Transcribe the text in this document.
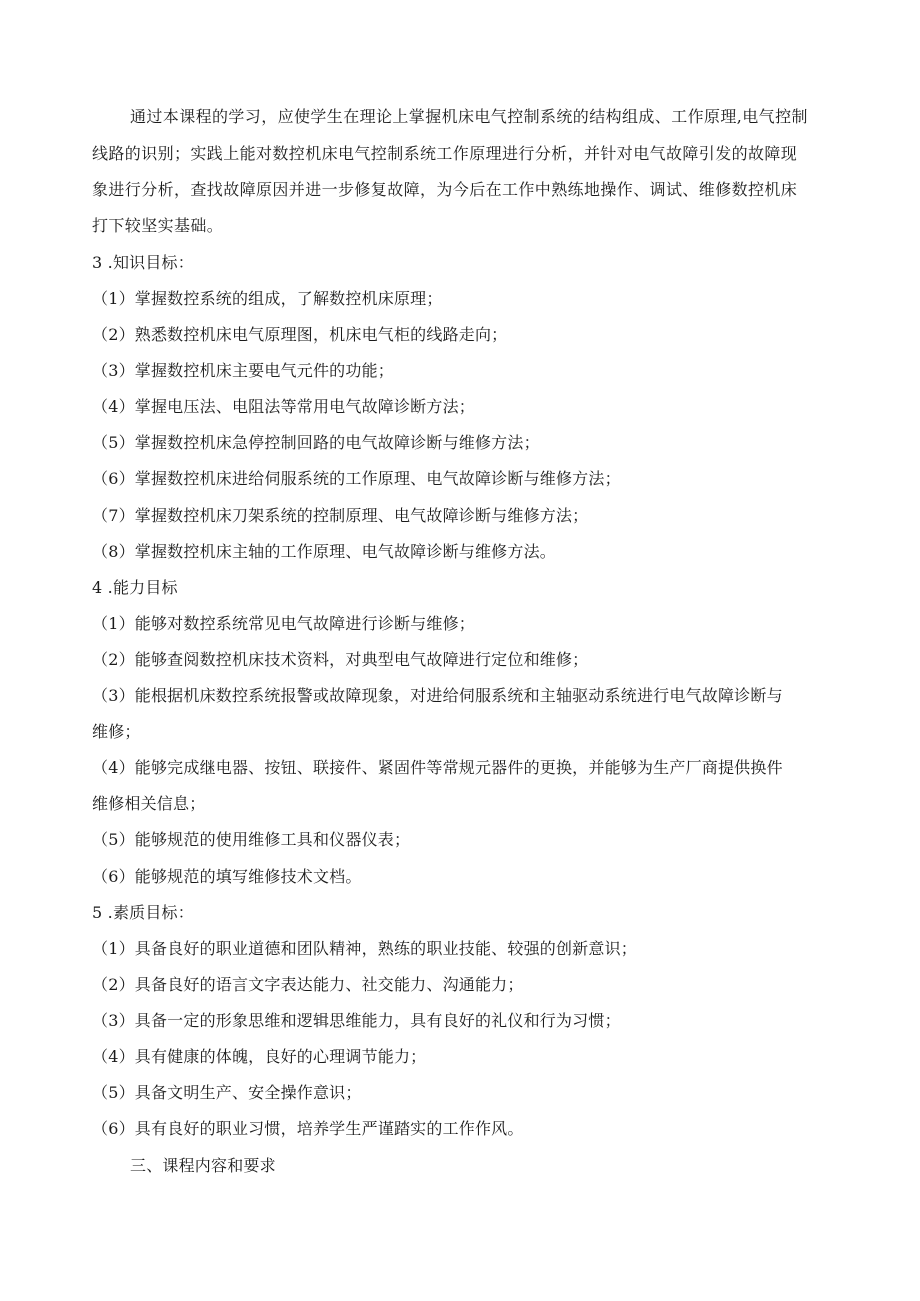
通过本课程的学习，应使学生在理论上掌握机床电气控制系统的结构组成、工作原理,电气控制
线路的识别；实践上能对数控机床电气控制系统工作原理进行分析，并针对电气故障引发的故障现
象进行分析，查找故障原因并进一步修复故障，为今后在工作中熟练地操作、调试、维修数控机床
打下较坚实基础。
3 .知识目标：
（1）掌握数控系统的组成，了解数控机床原理；
（2）熟悉数控机床电气原理图，机床电气柜的线路走向；
（3）掌握数控机床主要电气元件的功能；
（4）掌握电压法、电阻法等常用电气故障诊断方法；
（5）掌握数控机床急停控制回路的电气故障诊断与维修方法；
（6）掌握数控机床进给伺服系统的工作原理、电气故障诊断与维修方法；
（7）掌握数控机床刀架系统的控制原理、电气故障诊断与维修方法；
（8）掌握数控机床主轴的工作原理、电气故障诊断与维修方法。
4 .能力目标
（1）能够对数控系统常见电气故障进行诊断与维修；
（2）能够查阅数控机床技术资料，对典型电气故障进行定位和维修；
（3）能根据机床数控系统报警或故障现象，对进给伺服系统和主轴驱动系统进行电气故障诊断与
维修；
（4）能够完成继电器、按钮、联接件、紧固件等常规元器件的更换，并能够为生产厂商提供换件
维修相关信息；
（5）能够规范的使用维修工具和仪器仪表；
（6）能够规范的填写维修技术文档。
5 .素质目标：
（1）具备良好的职业道德和团队精神，熟练的职业技能、较强的创新意识；
（2）具备良好的语言文字表达能力、社交能力、沟通能力；
（3）具备一定的形象思维和逻辑思维能力，具有良好的礼仪和行为习惯；
（4）具有健康的体魄，良好的心理调节能力；
（5）具备文明生产、安全操作意识；
（6）具有良好的职业习惯，培养学生严谨踏实的工作作风。
三、课程内容和要求
